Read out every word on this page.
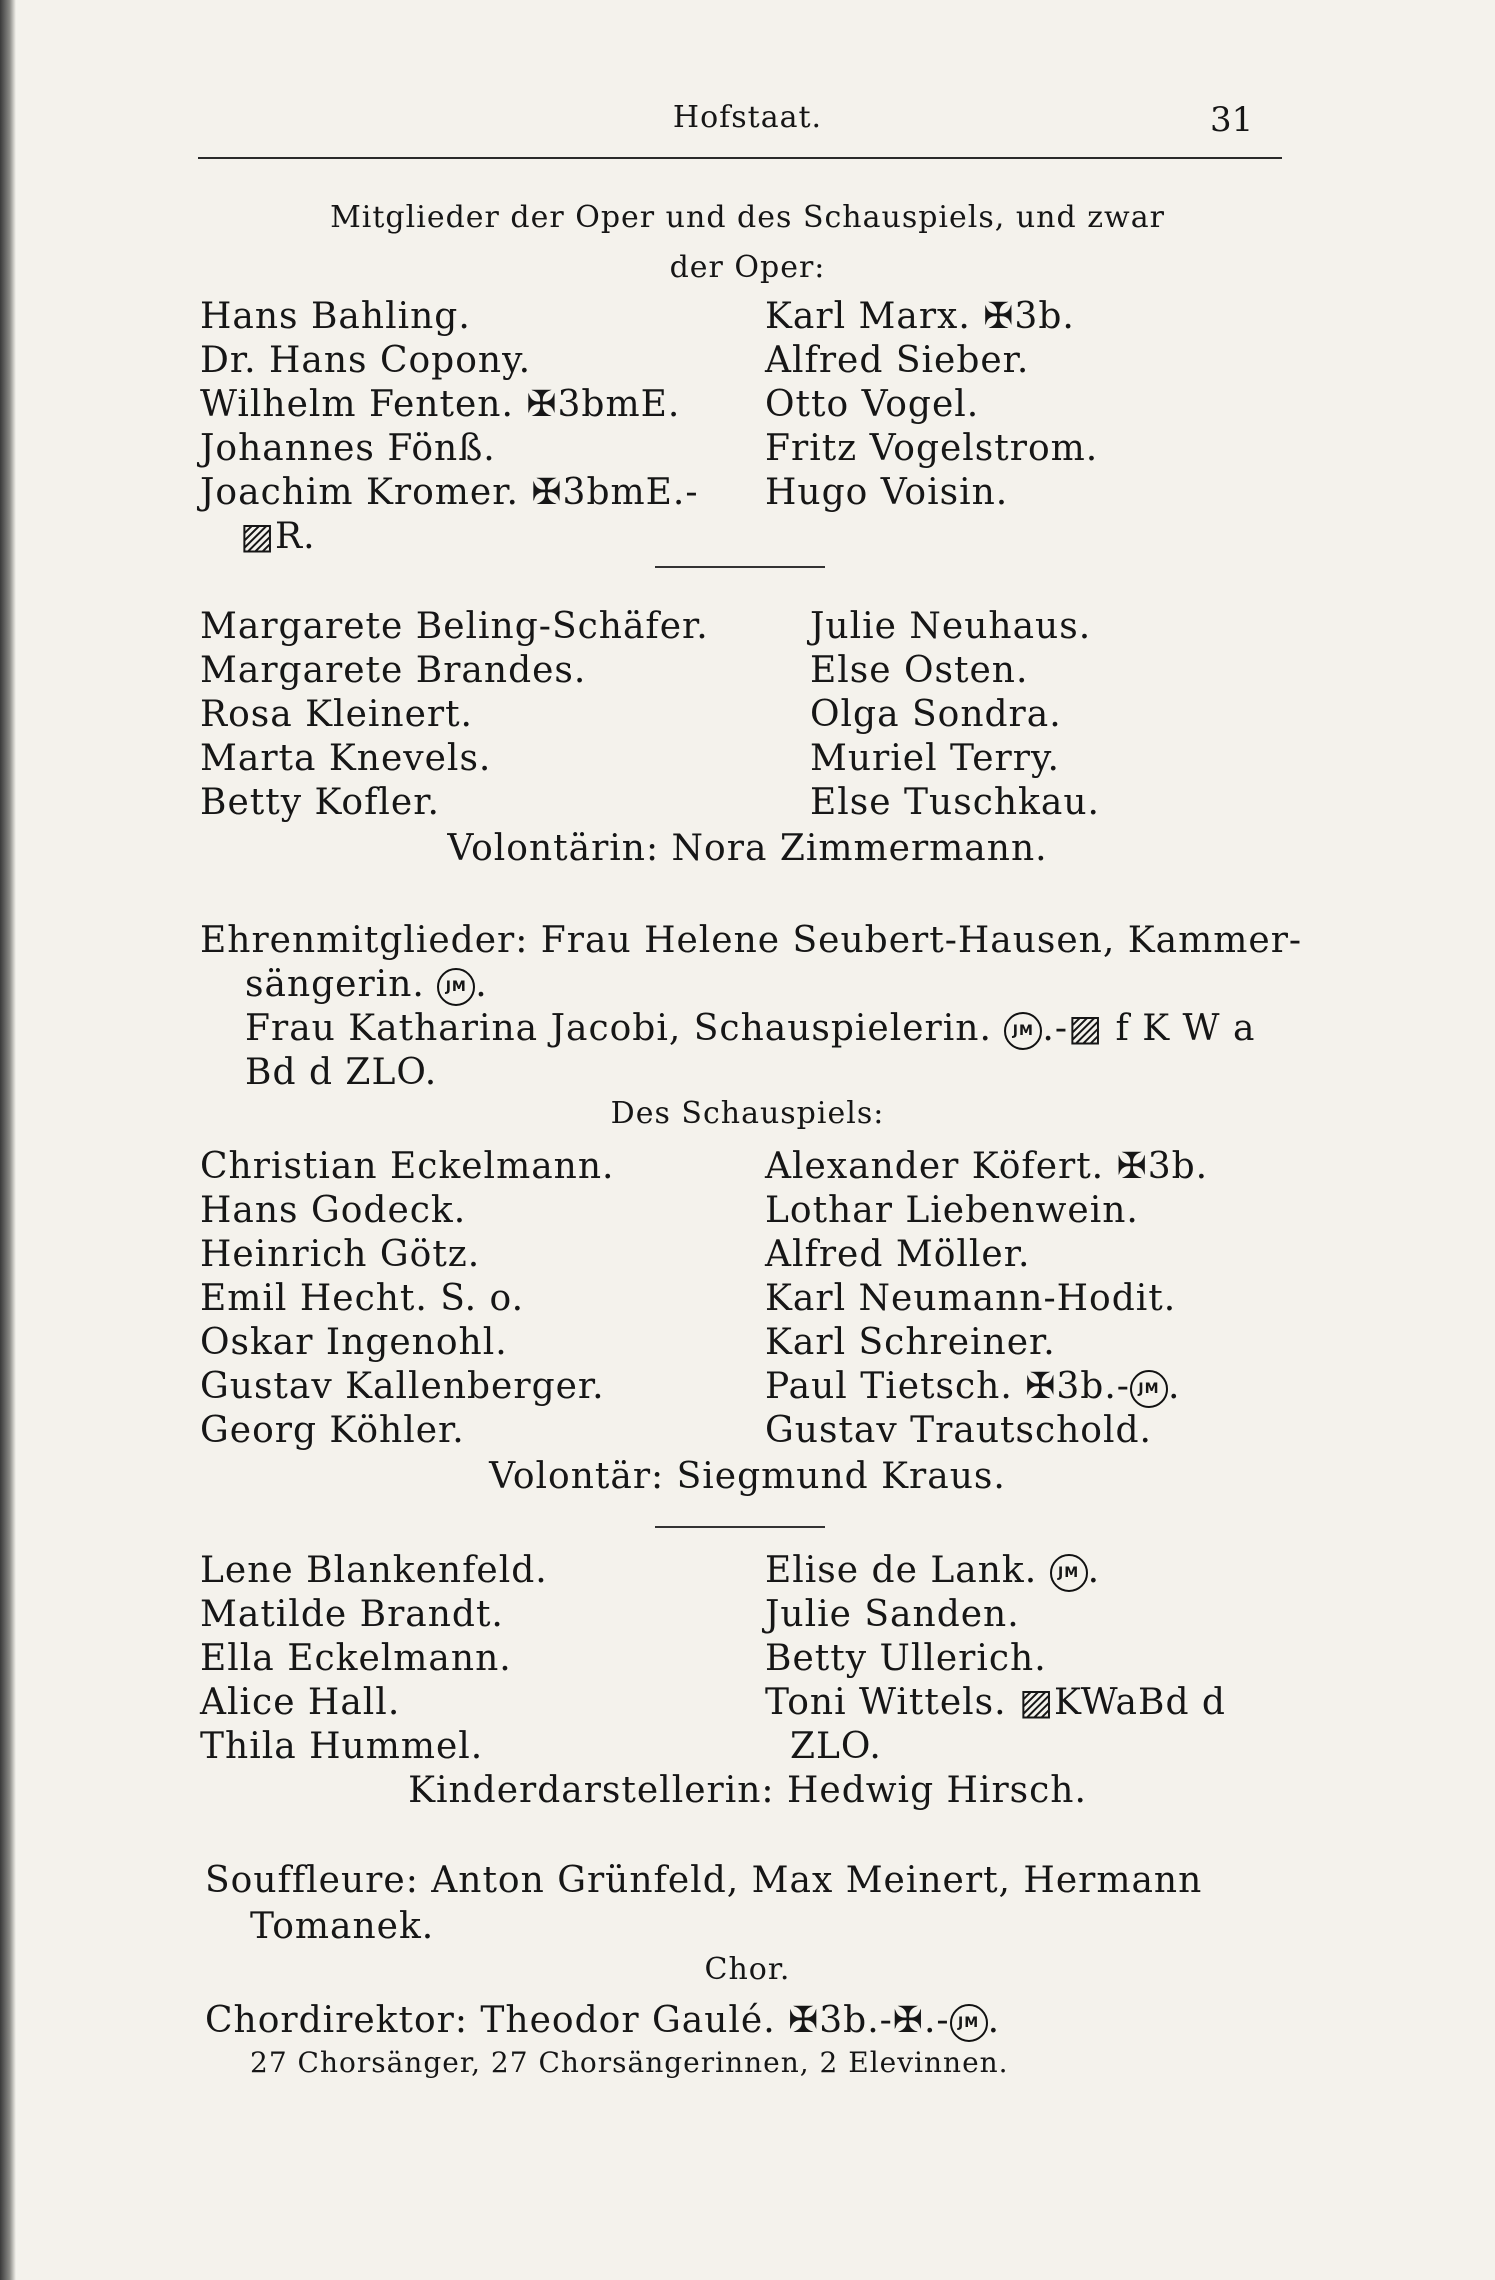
Hofstaat.	31
Mitglieder der Oper und des Schauspiels, und zwar
der Oper:
Hans Bahling.
Dr. Hans Copony.
Wilhelm Fenten. ✠3bmE.
Johannes Fönß.
Joachim Kromer. ✠3bmE.-
▨R.
Karl Marx. ✠3b.
Alfred Sieber.
Otto Vogel.
Fritz Vogelstrom.
Hugo Voisin.
Margarete Beling-Schäfer.
Margarete Brandes.
Rosa Kleinert.
Marta Knevels.
Betty Kofler.
Julie Neuhaus.
Else Osten.
Olga Sondra.
Muriel Terry.
Else Tuschkau.
Volontärin: Nora Zimmermann.
Ehrenmitglieder: Frau Helene Seubert-Hausen, Kammer-
sängerin. JM .
Frau Katharina Jacobi, Schauspielerin. JM .-▨ f K W a
Bd d ZLO.
Des Schauspiels:
Christian Eckelmann.
Hans Godeck.
Heinrich Götz.
Emil Hecht. S. o.
Oskar Ingenohl.
Gustav Kallenberger.
Georg Köhler.
Alexander Köfert. ✠3b.
Lothar Liebenwein.
Alfred Möller.
Karl Neumann-Hodit.
Karl Schreiner.
Paul Tietsch. ✠3b.- JM .
Gustav Trautschold.
Volontär: Siegmund Kraus.
Lene Blankenfeld.
Matilde Brandt.
Ella Eckelmann.
Alice Hall.
Thila Hummel.
Elise de Lank. JM .
Julie Sanden.
Betty Ullerich.
Toni Wittels. ▨KWaBd d
ZLO.
Kinderdarstellerin: Hedwig Hirsch.
Souffleure: Anton Grünfeld, Max Meinert, Hermann
Tomanek.
Chor.
Chordirektor: Theodor Gaulé. ✠3b.-✠.- JM .
27 Chorsänger, 27 Chorsängerinnen, 2 Elevinnen.
